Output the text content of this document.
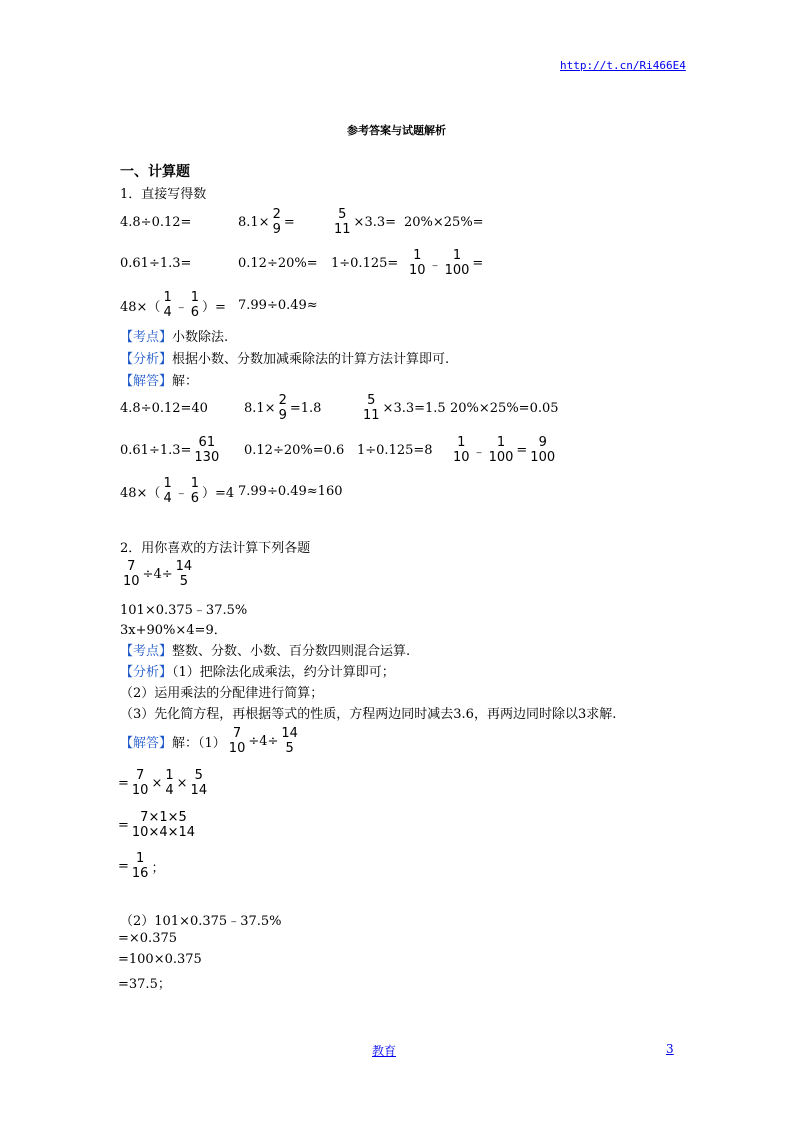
http://t.cn/Ri466E4
参考答案与试题解析
一、计算题
1．直接写得数
4.8÷0.12=	8.1× 2
9 =	5
11 ×3.3= 20%×25%=
0.61÷1.3=	0.12÷20%= 1÷0.125= 1
10 ﹣
1
100 =
48×（
1
4 ﹣
1
6 ）= 7.99÷0.49≈
【考点】小数除法.
【分析】根据小数、分数加减乘除法的计算方法计算即可.
【解答】解：
4.8÷0.12=40	8.1× 2
9 =1.8	5
11 ×3.3=1.5 20%×25%=0.05
0.61÷1.3= 61
130 0.12÷20%=0.6 1÷0.125=8 1
10 ﹣
1
100 = 9
100
48×（
1
4 ﹣
1
6 ）=4 7.99÷0.49≈160
2．用你喜欢的方法计算下列各题
7
10 ÷4÷ 14
5
101×0.375﹣37.5%
3x+90%×4=9．
【考点】整数、分数、小数、百分数四则混合运算.
【分析】（1）把除法化成乘法，约分计算即可；
（2）运用乘法的分配律进行简算；
（3）先化简方程，再根据等式的性质，方程两边同时减去3.6，再两边同时除以3求解.
【解答】 解：（1）
7
10 ÷4÷ 14
5
= 7
10 × 1
4 × 5
14
= 7×1×5
10×4×14
= 1
16 ；
（2）101×0.375﹣37.5%
=×0.375
=100×0.375
=37.5；
教育	3
